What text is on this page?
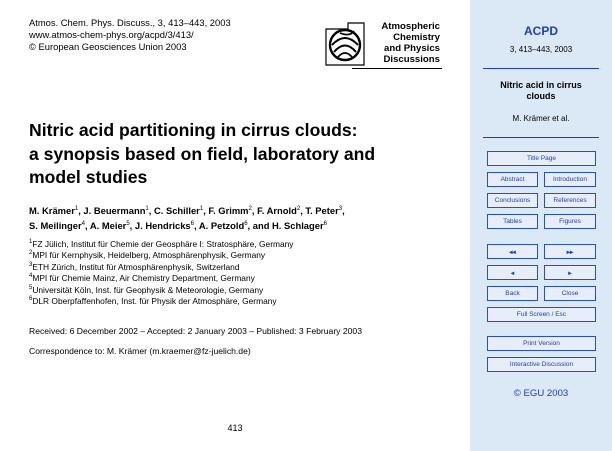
Atmos. Chem. Phys. Discuss., 3, 413–443, 2003
www.atmos-chem-phys.org/acpd/3/413/
© European Geosciences Union 2003
Atmospheric
Chemistry
and Physics
Discussions
Nitric acid partitioning in cirrus clouds:
a synopsis based on field, laboratory and
model studies
M. Krämer$^1$, J. Beuermann$^1$, C. Schiller$^1$, F. Grimm$^2$, F. Arnold$^2$, T. Peter$^3$,
S. Meilinger$^4$, A. Meier$^5$, J. Hendricks$^6$, A. Petzold$^6$, and H. Schlager$^6$
$^1$FZ Jülich, Institut für Chemie der Geosphäre I: Stratosphäre, Germany
$^2$MPI für Kernphysik, Heidelberg, Atmosphärenphysik, Germany
$^3$ETH Zürich, Institut für Atmosphärenphysik, Switzerland
$^4$MPI für Chemie Mainz, Air Chemistry Department, Germany
$^5$Universität Köln, Inst. für Geophysik & Meteorologie, Germany
$^6$DLR Oberpfaffenhofen, Inst. für Physik der Atmosphäre, Germany
Received: 6 December 2002 – Accepted: 2 January 2003 – Published: 3 February 2003
Correspondence to: M. Krämer (m.kraemer@fz-juelich.de)
413
ACPD
3, 413–443, 2003
Nitric acid in cirrus
clouds
M. Krämer et al.
Title Page
Abstract	Introduction
Conclusions	References
Tables	Figures
◂◂	▸▸
◂	▸
Back	Close
Full Screen / Esc
Print Version
Interactive Discussion
© EGU 2003
